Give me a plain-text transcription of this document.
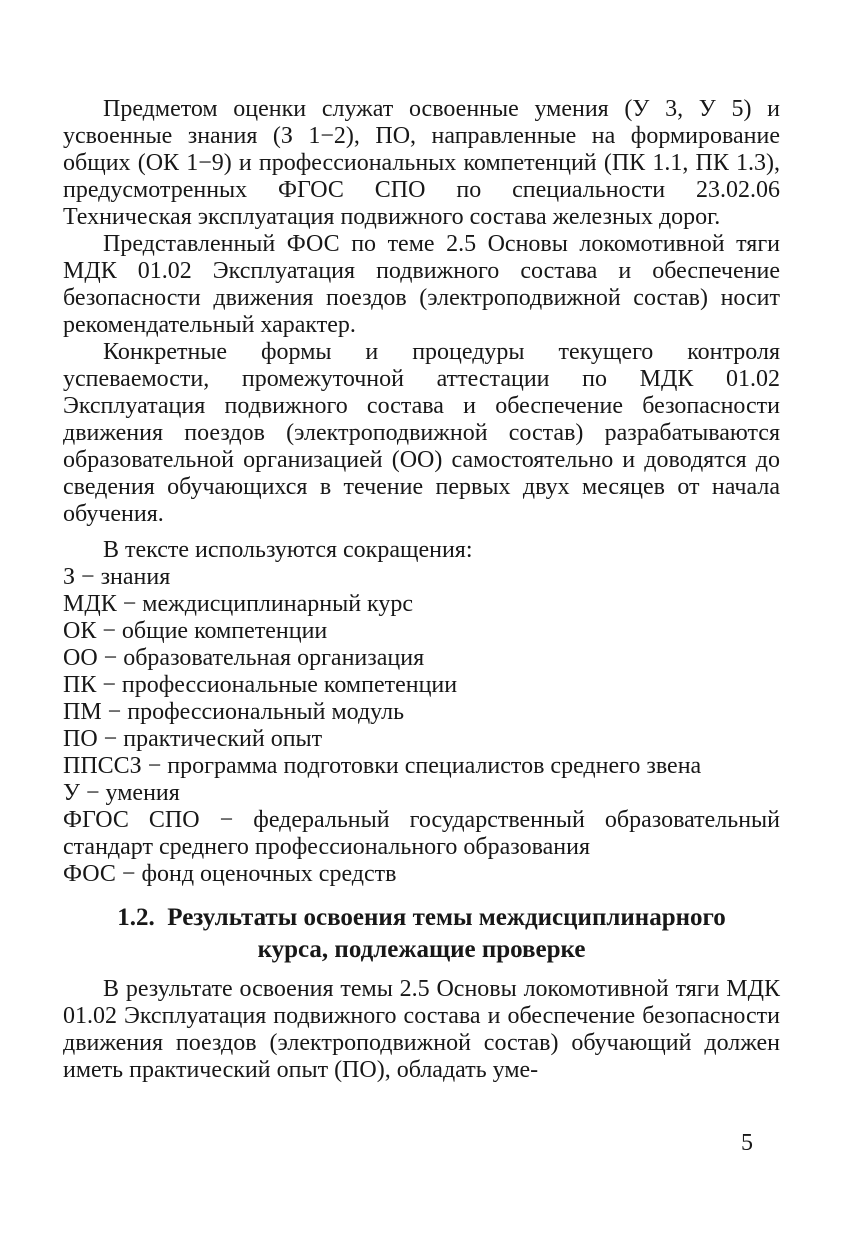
Предметом оценки служат освоенные умения (У 3, У 5) и усвоенные знания (З 1−2), ПО, направленные на формирование общих (ОК 1−9) и профессиональных компетенций (ПК 1.1, ПК 1.3), предусмотренных ФГОС СПО по специальности 23.02.06 Техническая эксплуатация подвижного состава железных дорог.

Представленный ФОС по теме 2.5 Основы локомотивной тяги МДК 01.02 Эксплуатация подвижного состава и обеспечение безопасности движения поездов (электроподвижной состав) носит рекомендательный характер.

Конкретные формы и процедуры текущего контроля успеваемости, промежуточной аттестации по МДК 01.02 Эксплуатация подвижного состава и обеспечение безопасности движения поездов (электроподвижной состав) разрабатываются образовательной организацией (ОО) самостоятельно и доводятся до сведения обучающихся в течение первых двух месяцев от начала обучения.

В тексте используются сокращения:

З − знания
МДК − междисциплинарный курс
ОК − общие компетенции
ОО − образовательная организация
ПК − профессиональные компетенции
ПМ − профессиональный модуль
ПО − практический опыт
ППССЗ − программа подготовки специалистов среднего звена
У − умения
ФГОС СПО − федеральный государственный образовательный стандарт среднего профессионального образования
ФОС − фонд оценочных средств
1.2.  Результаты освоения темы междисциплинарного
курса, подлежащие проверке

В результате освоения темы 2.5 Основы локомотивной тяги МДК 01.02 Эксплуатация подвижного состава и обеспечение безопасности движения поездов (электроподвижной состав) обучающий должен иметь практический опыт (ПО), обладать уме-

5
